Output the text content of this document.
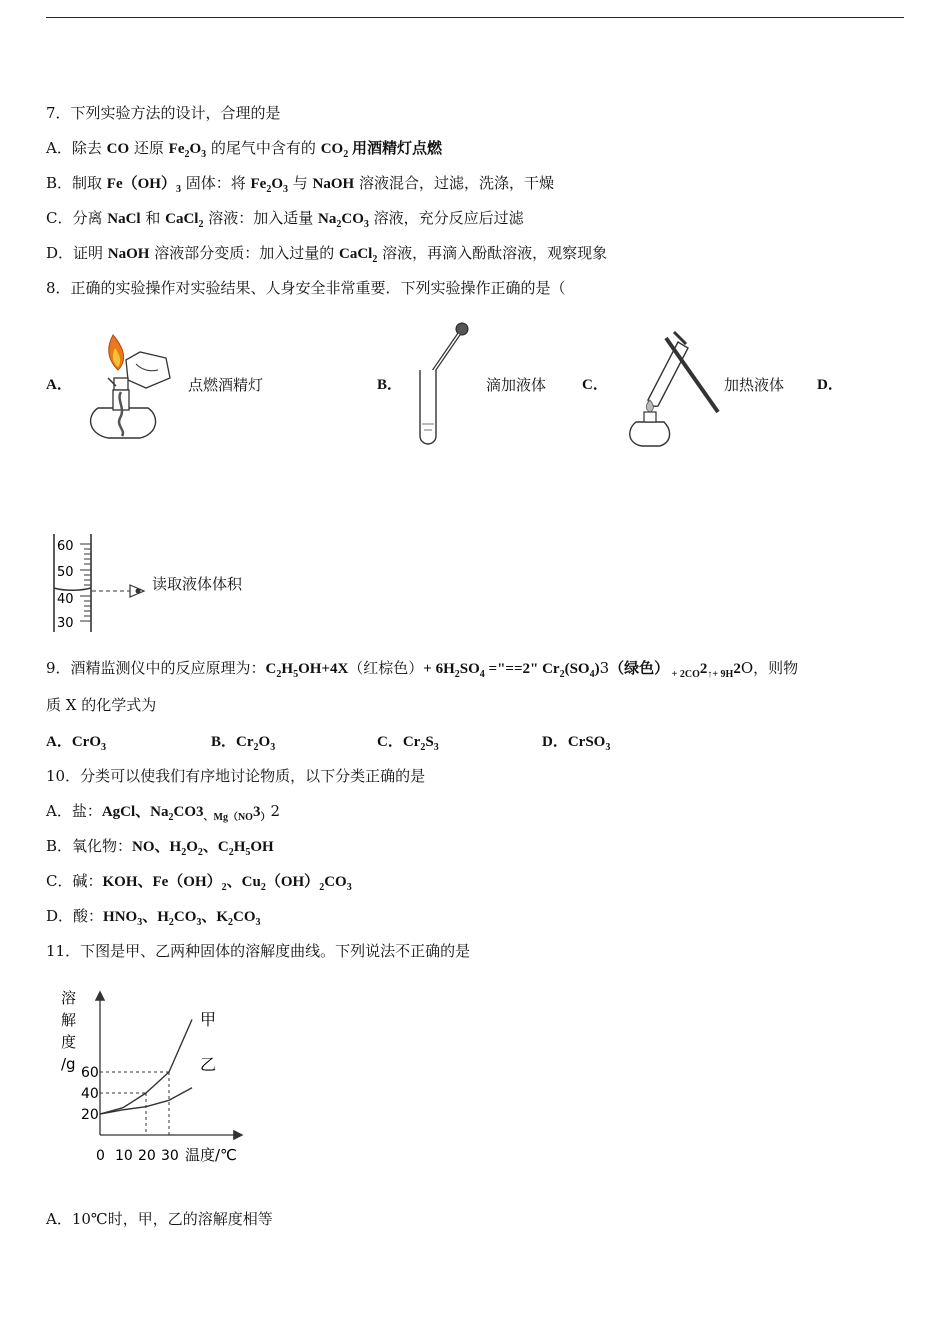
7．下列实验方法的设计，合理的是
A．除去 CO 还原 $Fe_2O_3$ 的尾气中含有的 $CO_2$ 用酒精灯点燃
B．制取 $Fe(OH)_3$ 固体：将 $Fe_2O_3$ 与 NaOH 溶液混合，过滤，洗涤，干燥
C．分离 NaCl 和 CaCl$_2$ 溶液：加入适量 $Na_2CO_3$ 溶液，充分反应后过滤
D．证明 NaOH 溶液部分变质：加入过量的 CaCl$_2$ 溶液，再滴入酚酞溶液，观察现象
8．正确的实验操作对实验结果、人身安全非常重要．下列实验操作正确的是（
A．	点燃酒精灯	B．	滴加液体 C．	加热液体 D．
60
50
40
30
读取液体体积
9．酒精监测仪中的反应原理为：$C_2H_5OH+4X$（红棕色）+ $6H_2SO_4$ ="==2" $Cr_2(SO_4)3$（绿色） $_{+ 2CO}2_{↑+ 9H}2O$，则物
质 X 的化学式为
A．CrO$_3$	B．$Cr_2O_3$	C．$Cr_2S_3$	D．CrSO$_3$
10．分类可以使我们有序地讨论物质，以下分类正确的是
A．盐：AgCl、$Na_2CO3_{、Mg(NO}3_)2$
B．氧化物：NO、$H_2O_2$、$C_2H_5OH$
C．碱：KOH、$Fe(OH)_2$、$Cu_2(OH)_2CO_3$
D．酸：$HNO_3$、$H_2CO_3$、$K_2CO_3$
11．下图是甲、乙两种固体的溶解度曲线。下列说法不正确的是
甲
乙
60
40
20
0 10 20 30 温度/℃
溶
解
度
/g
A．10℃时，甲，乙的溶解度相等
